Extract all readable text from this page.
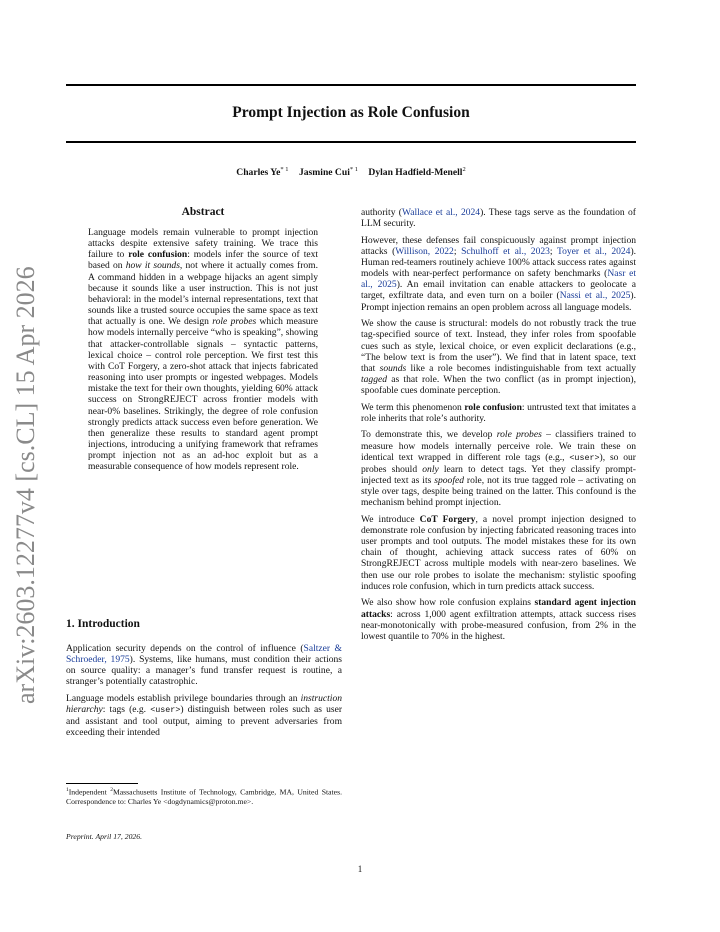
Prompt Injection as Role Confusion
Charles Ye$^{* 1}$ Jasmine Cui$^{* 1}$ Dylan Hadfield-Menell$^2$
arXiv:2603.12277v4 [cs.CL] 15 Apr 2026
Abstract

Language models remain vulnerable to prompt injection attacks despite extensive safety training. We trace this failure to role confusion: models infer the source of text based on how it sounds, not where it actually comes from. A command hidden in a webpage hijacks an agent simply because it sounds like a user instruction. This is not just behavioral: in the model’s internal representations, text that sounds like a trusted source occupies the same space as text that actually is one. We design role probes which measure how models internally perceive “who is speaking”, showing that attacker-controllable signals – syntactic patterns, lexical choice – control role perception. We first test this with CoT Forgery, a zero-shot attack that injects fabricated reasoning into user prompts or ingested webpages. Models mistake the text for their own thoughts, yielding 60% attack success on StrongREJECT across frontier models with near-0% baselines. Strikingly, the degree of role confusion strongly predicts attack success even before generation. We then generalize these results to standard agent prompt injections, introducing a unifying framework that reframes prompt injection not as an ad-hoc exploit but as a measurable consequence of how models represent role.

1. Introduction

Application security depends on the control of influence (Saltzer & Schroeder, 1975). Systems, like humans, must condition their actions on source quality: a manager’s fund transfer request is routine, a stranger’s potentially catastrophic.

Language models establish privilege boundaries through an instruction hierarchy: tags (e.g. <user>) distinguish between roles such as user and assistant and tool output, aiming to prevent adversaries from exceeding their intended

$^1$Independent $^2$Massachusetts Institute of Technology, Cambridge, MA, United States. Correspondence to: Charles Ye <dogdynamics@proton.me>.
Preprint. April 17, 2026.

authority (Wallace et al., 2024). These tags serve as the foundation of LLM security.

However, these defenses fail conspicuously against prompt injection attacks (Willison, 2022; Schulhoff et al., 2023; Toyer et al., 2024). Human red-teamers routinely achieve 100% attack success rates against models with near-perfect performance on safety benchmarks (Nasr et al., 2025). An email invitation can enable attackers to geolocate a target, exfiltrate data, and even turn on a boiler (Nassi et al., 2025). Prompt injection remains an open problem across all language models.

We show the cause is structural: models do not robustly track the true tag-specified source of text. Instead, they infer roles from spoofable cues such as style, lexical choice, or even explicit declarations (e.g., “The below text is from the user”). We find that in latent space, text that sounds like a role becomes indistinguishable from text actually tagged as that role. When the two conflict (as in prompt injection), spoofable cues dominate perception.

We term this phenomenon role confusion: untrusted text that imitates a role inherits that role’s authority.

To demonstrate this, we develop role probes – classifiers trained to measure how models internally perceive role. We train these on identical text wrapped in different role tags (e.g., <user>), so our probes should only learn to detect tags. Yet they classify prompt-injected text as its spoofed role, not its true tagged role – activating on style over tags, despite being trained on the latter. This confound is the mechanism behind prompt injection.

We introduce CoT Forgery, a novel prompt injection designed to demonstrate role confusion by injecting fabricated reasoning traces into user prompts and tool outputs. The model mistakes these for its own chain of thought, achieving attack success rates of 60% on StrongREJECT across multiple models with near-zero baselines. We then use our role probes to isolate the mechanism: stylistic spoofing induces role confusion, which in turn predicts attack success.

We also show how role confusion explains standard agent injection attacks: across 1,000 agent exfiltration attempts, attack success rises near-monotonically with probe-measured confusion, from 2% in the lowest quantile to 70% in the highest.

1
